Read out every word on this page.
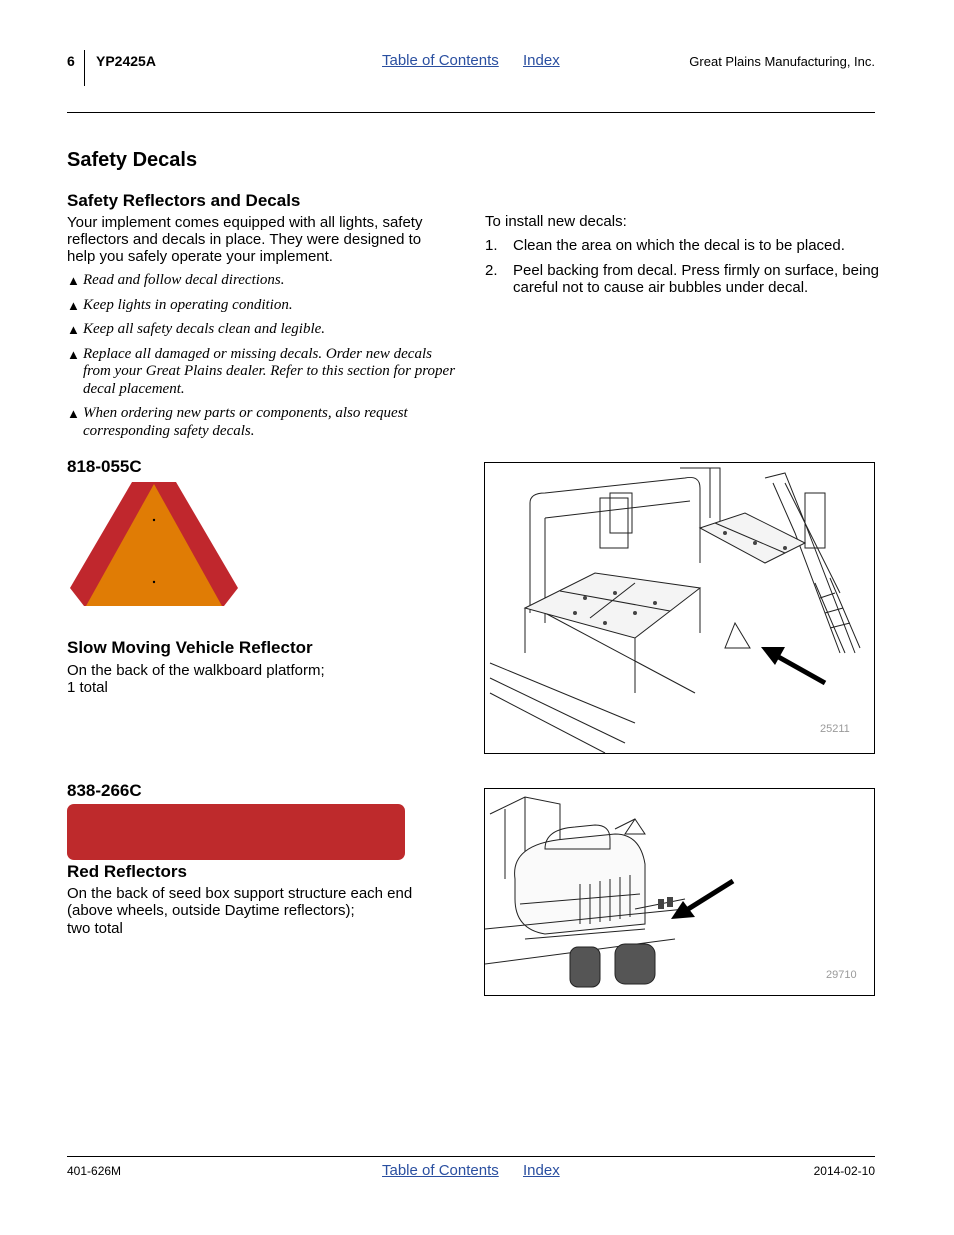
6 YP2425A	Table of Contents Index	Great Plains Manufacturing, Inc.
Safety Decals
Safety Reflectors and Decals
Your implement comes equipped with all lights, safety reflectors and decals in place. They were designed to help you safely operate your implement.
▲ Read and follow decal directions.
▲ Keep lights in operating condition.
▲ Keep all safety decals clean and legible.
▲ Replace all damaged or missing decals. Order new decals from your Great Plains dealer. Refer to this section for proper decal placement.
▲ When ordering new parts or components, also request corresponding safety decals.
To install new decals:
1. Clean the area on which the decal is to be placed.
2. Peel backing from decal. Press firmly on surface, being careful not to cause air bubbles under decal.
818-055C
Slow Moving Vehicle Reflector
On the back of the walkboard platform;
1 total
25211
838-266C
Red Reflectors
On the back of seed box support structure each end
(above wheels, outside Daytime reflectors);
two total
29710
401-626M	Table of Contents Index	2014-02-10
